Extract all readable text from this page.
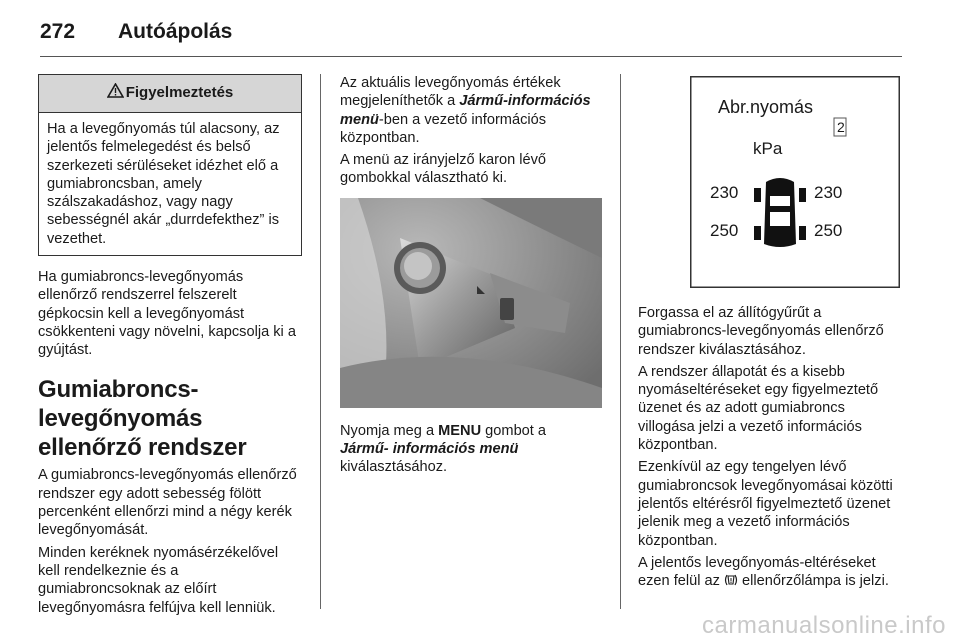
272	Autóápolás
Figyelmeztetés
Ha a levegőnyomás túl alacsony, az jelentős felmelegedést és belső szerkezeti sérüléseket idézhet elő a gumiabroncsban, amely szálszakadáshoz, vagy nagy sebességnél akár „durrdefekthez” is vezethet.

Ha gumiabroncs-levegőnyomás ellenőrző rendszerrel felszerelt gépkocsin kell a levegőnyomást csökkenteni vagy növelni, kapcsolja ki a gyújtást.

Gumiabroncs-levegőnyomás ellenőrző rendszer

A gumiabroncs-levegőnyomás ellenőrző rendszer egy adott sebesség fölött percenként ellenőrzi mind a négy kerék levegőnyomását.

Minden keréknek nyomásérzékelővel kell rendelkeznie és a gumiabroncsoknak az előírt levegőnyomásra felfújva kell lenniük.

Az aktuális levegőnyomás értékek megjeleníthetők a Jármű-információs menü-ben a vezető információs központban.

A menü az irányjelző karon lévő gombokkal választható ki.

Nyomja meg a MENU gombot a
Jármű- információs menü
kiválasztásához.

Abr.nyomás
2
kPa
230	230
250	250

Forgassa el az állítógyűrűt a gumiabroncs-levegőnyomás ellenőrző rendszer kiválasztásához.

A rendszer állapotát és a kisebb nyomáseltéréseket egy figyelmeztető üzenet és az adott gumiabroncs villogása jelzi a vezető információs központban.

Ezenkívül az egy tengelyen lévő gumiabroncsok levegőnyomásai közötti jelentős eltérésről figyelmeztető üzenet jelenik meg a vezető információs központban.

A jelentős levegőnyomás-eltéréseket ezen felül az  ellenőrzőlámpa is jelzi.

carmanualsonline.info
